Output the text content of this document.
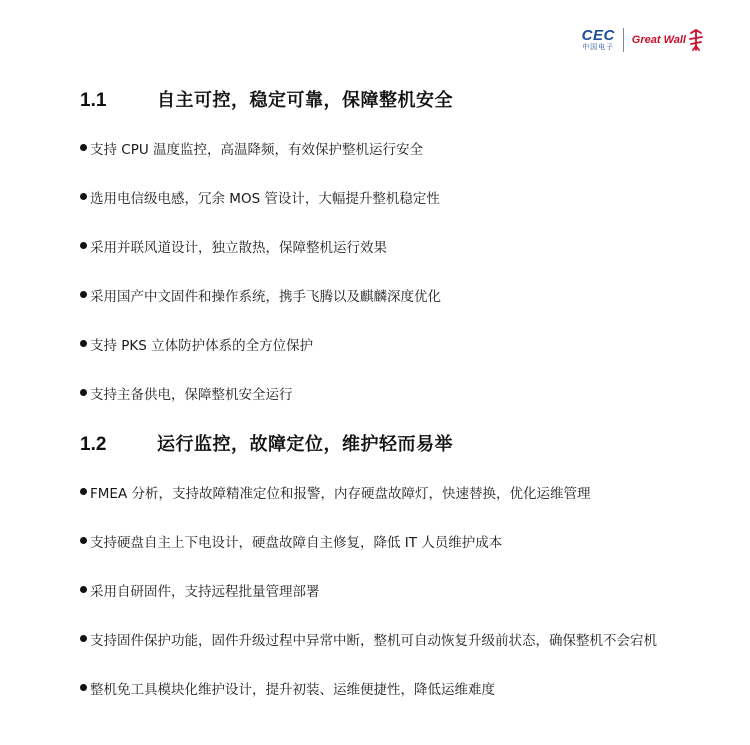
CEC
中国电子
Great Wall
1.1	自主可控，稳定可靠，保障整机安全
支持 CPU 温度监控，高温降频，有效保护整机运行安全
选用电信级电感，冗余 MOS 管设计，大幅提升整机稳定性
采用并联风道设计，独立散热，保障整机运行效果
采用国产中文固件和操作系统，携手飞腾以及麒麟深度优化
支持 PKS 立体防护体系的全方位保护
支持主备供电，保障整机安全运行
1.2	运行监控，故障定位，维护轻而易举
FMEA 分析，支持故障精准定位和报警，内存硬盘故障灯，快速替换，优化运维管理
支持硬盘自主上下电设计，硬盘故障自主修复，降低 IT 人员维护成本
采用自研固件，支持远程批量管理部署
支持固件保护功能，固件升级过程中异常中断，整机可自动恢复升级前状态，确保整机不会宕机
整机免工具模块化维护设计，提升初装、运维便捷性，降低运维难度
